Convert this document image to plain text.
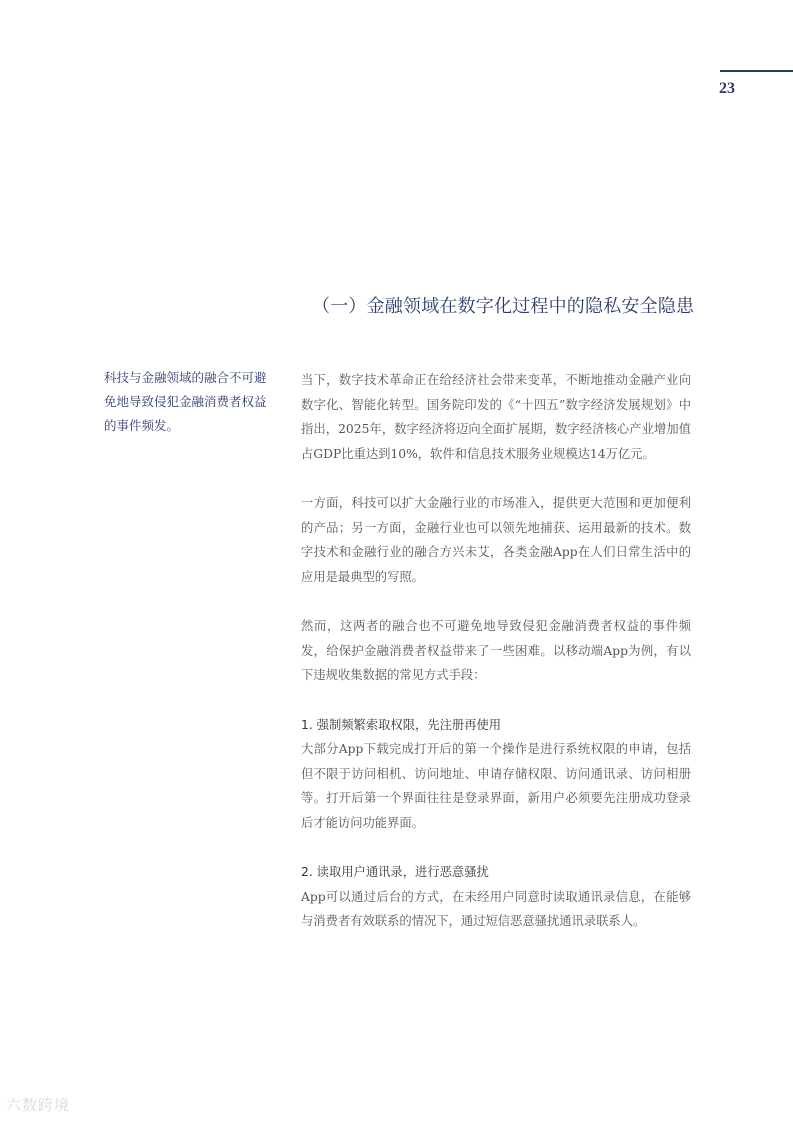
23
（一）金融领域在数字化过程中的隐私安全隐患
科技与金融领域的融合不可避免地导致侵犯金融消费者权益的事件频发。

当下，数字技术革命正在给经济社会带来变革，不断地推动金融产业向数字化、智能化转型。国务院印发的《“十四五”数字经济发展规划》中指出，2025年，数字经济将迈向全面扩展期，数字经济核心产业增加值占GDP比重达到10%，软件和信息技术服务业规模达14万亿元。

一方面，科技可以扩大金融行业的市场准入，提供更大范围和更加便利的产品；另一方面，金融行业也可以领先地捕获、运用最新的技术。数字技术和金融行业的融合方兴未艾，各类金融App在人们日常生活中的应用是最典型的写照。

然而，这两者的融合也不可避免地导致侵犯金融消费者权益的事件频发，给保护金融消费者权益带来了一些困难。以移动端App为例，有以下违规收集数据的常见方式手段：

1. 强制频繁索取权限，先注册再使用

大部分App下载完成打开后的第一个操作是进行系统权限的申请，包括但不限于访问相机、访问地址、申请存储权限、访问通讯录、访问相册等。打开后第一个界面往往是登录界面，新用户必须要先注册成功登录后才能访问功能界面。

2. 读取用户通讯录，进行恶意骚扰

App可以通过后台的方式，在未经用户同意时读取通讯录信息，在能够与消费者有效联系的情况下，通过短信恶意骚扰通讯录联系人。

六数跨境
